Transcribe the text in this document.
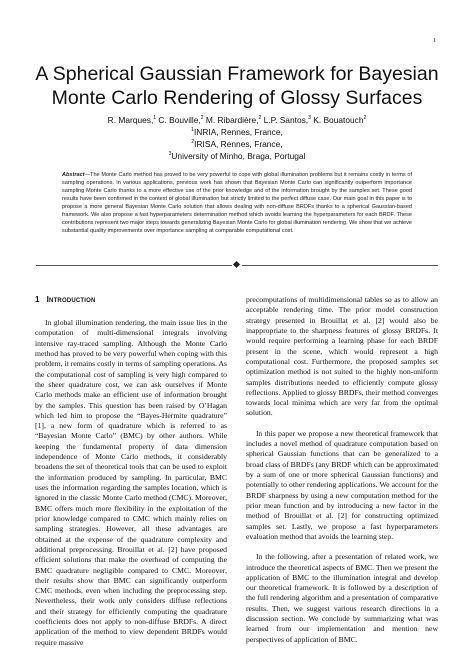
1
A Spherical Gaussian Framework for Bayesian
Monte Carlo Rendering of Glossy Surfaces
R. Marques,$^1$ C. Bouville,$^2$ M. Ribardière,$^2$ L.P. Santos,$^3$ K. Bouatouch$^2$
$^1$INRIA, Rennes, France,
$^2$IRISA, Rennes, France,
$^3$University of Minho, Braga, Portugal
Abstract—The Monte Carlo method has proved to be very powerful to cope with global illumination problems but it remains costly in terms of sampling operations. In various applications, previous work has shown that Bayesian Monte Carlo can significantly outperform importance sampling Monte Carlo thanks to a more effective use of the prior knowledge and of the information brought by the samples set. These good results have been confirmed in the context of global illumination but strictly limited to the perfect diffuse case. Our main goal in this paper is to propose a more general Bayesian Monte Carlo solution that allows dealing with non-diffuse BRDFs thanks to a spherical Gaussian-based framework. We also propose a fast hyperparameters determination method which avoids learning the hyperparameters for each BRDF. These contributions represent two major steps towards generalizing Bayesian Monte Carlo for global illumination rendering. We show that we achieve substantial quality improvements over importance sampling at comparable computational cost.
1 Introduction

In global illumination rendering, the main issue lies in the computation of multi-dimensional integrals involving intensive ray-traced sampling. Although the Monte Carlo method has proved to be very powerful when coping with this problem, it remains costly in terms of sampling operations. As the computational cost of sampling is very high compared to the sheer quadrature cost, we can ask ourselves if Monte Carlo methods make an efficient use of information brought by the samples. This question has been raised by O’Hagan which led him to propose the “Bayes-Hermite quadrature” [1], a new form of quadrature which is referred to as “Bayesian Monte Carlo” (BMC) by other authors. While keeping the fundamental property of data dimension independence of Monte Carlo methods, it considerably broadens the set of theoretical tools that can be used to exploit the information produced by sampling. In particular, BMC uses the information regarding the samples location, which is ignored in the classic Monte Carlo method (CMC). Moreover, BMC offers much more flexibility in the exploitation of the prior knowledge compared to CMC which mainly relies on sampling strategies. However, all these advantages are obtained at the expense of the quadrature complexity and additional preprocessing. Brouillat et al. [2] have proposed efficient solutions that make the overhead of computing the BMC quadrature negligible compared to CMC. Moreover, their results show that BMC can significantly outperform CMC methods, even when including the preprocessing step. Nevertheless, their work only considers diffuse reflections and their strategy for efficiently computing the quadrature coefficients does not apply to non-diffuse BRDFs. A direct application of the method to view dependent BRDFs would require massive

precomputations of multidimensional tables so as to allow an acceptable rendering time. The prior model construction strategy presented in Brouillat et al. [2] would also be inappropriate to the sharpness features of glossy BRDFs. It would require performing a learning phase for each BRDF present in the scene, which would represent a high computational cost. Furthermore, the proposed samples set optimization method is not suited to the highly non-uniform samples distributions needed to efficiently compute glossy reflections. Applied to glossy BRDFs, their method converges towards local minima which are very far from the optimal solution.

In this paper we propose a new theoretical framework that includes a novel method of quadrature computation based on spherical Gaussian functions that can be generalized to a broad class of BRDFs (any BRDF which can be approximated by a sum of one or more spherical Gaussian functions) and potentially to other rendering applications. We account for the BRDF sharpness by using a new computation method for the prior mean function and by introducing a new factor in the method of Brouillat et al. [2] for constructing optimized samples set. Lastly, we propose a fast hyperparameters evaluation method that avoids the learning step.

In the following, after a presentation of related work, we introduce the theoretical aspects of BMC. Then we present the application of BMC to the illumination integral and develop our theoretical framework. It is followed by a description of the full rendering algorithm and a presentation of comparative results. Then, we suggest various research directions in a discussion section. We conclude by summarizing what was learned from our implementation and mention new perspectives of application of BMC.
